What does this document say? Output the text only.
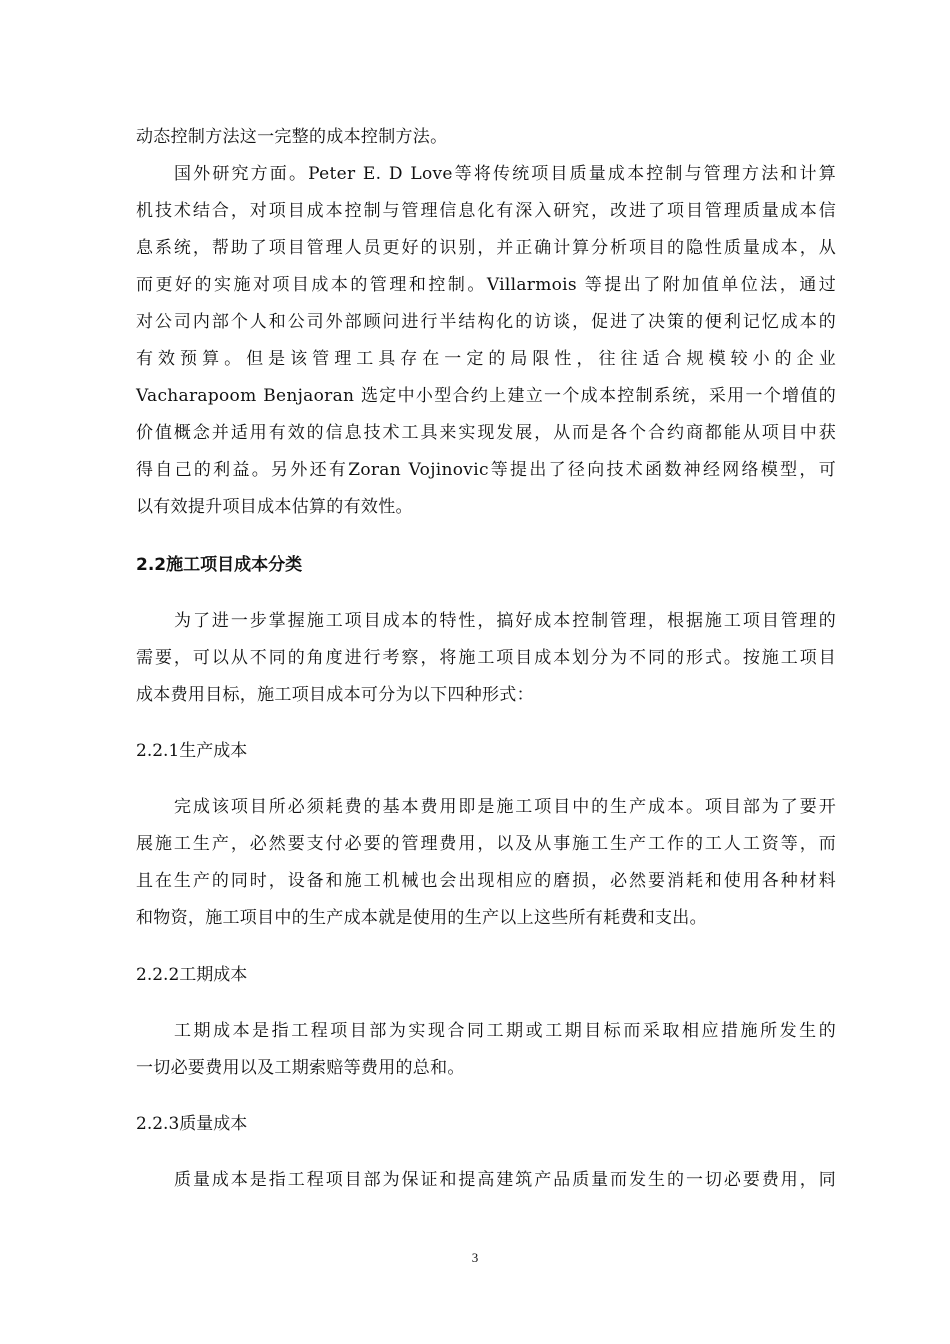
动态控制方法这一完整的成本控制方法。
国外研究方面。Peter E. D Love等将传统项目质量成本控制与管理方法和计算
机技术结合，对项目成本控制与管理信息化有深入研究，改进了项目管理质量成本信
息系统，帮助了项目管理人员更好的识别，并正确计算分析项目的隐性质量成本，从
而更好的实施对项目成本的管理和控制。Villarmois 等提出了附加值单位法，通过
对公司内部个人和公司外部顾问进行半结构化的访谈，促进了决策的便利记忆成本的
有效预算。但是该管理工具存在一定的局限性，往往适合规模较小的企业
Vacharapoom Benjaoran 选定中小型合约上建立一个成本控制系统，采用一个增值的
价值概念并适用有效的信息技术工具来实现发展，从而是各个合约商都能从项目中获
得自己的利益。另外还有Zoran Vojinovic等提出了径向技术函数神经网络模型，可
以有效提升项目成本估算的有效性。
2.2施工项目成本分类
为了进一步掌握施工项目成本的特性，搞好成本控制管理，根据施工项目管理的
需要，可以从不同的角度进行考察，将施工项目成本划分为不同的形式。按施工项目
成本费用目标，施工项目成本可分为以下四种形式：
2.2.1生产成本
完成该项目所必须耗费的基本费用即是施工项目中的生产成本。项目部为了要开
展施工生产，必然要支付必要的管理费用，以及从事施工生产工作的工人工资等，而
且在生产的同时，设备和施工机械也会出现相应的磨损，必然要消耗和使用各种材料
和物资，施工项目中的生产成本就是使用的生产以上这些所有耗费和支出。
2.2.2工期成本
工期成本是指工程项目部为实现合同工期或工期目标而采取相应措施所发生的
一切必要费用以及工期索赔等费用的总和。
2.2.3质量成本
质量成本是指工程项目部为保证和提高建筑产品质量而发生的一切必要费用，同
3
